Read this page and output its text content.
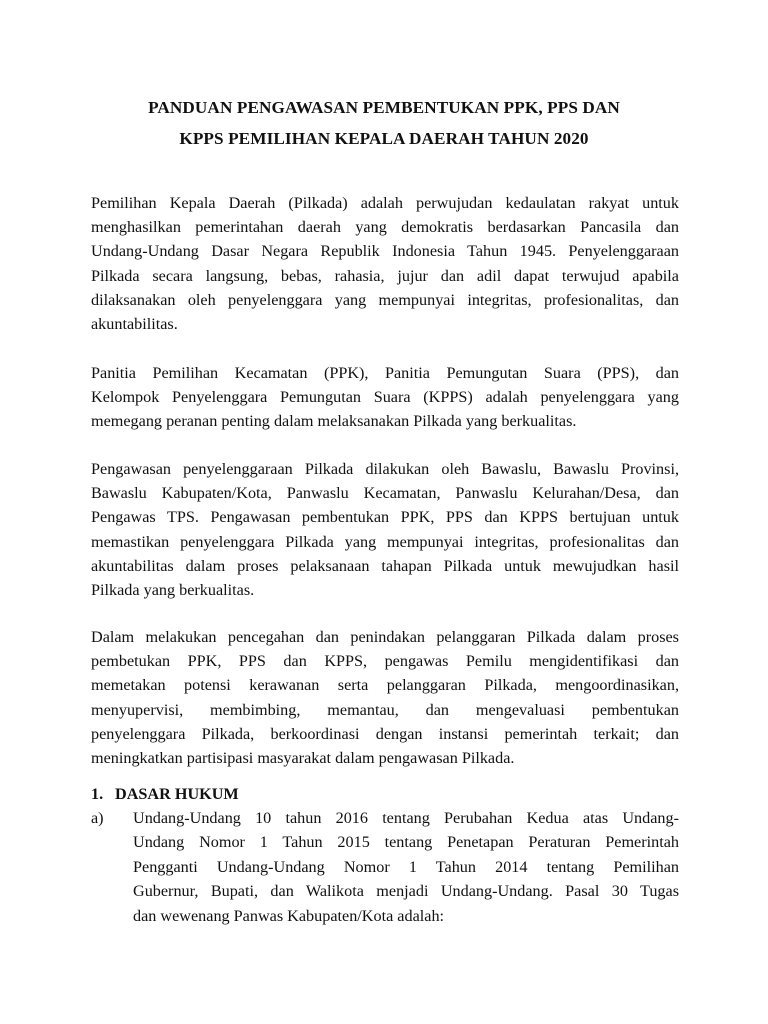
PANDUAN PENGAWASAN PEMBENTUKAN PPK, PPS DAN
KPPS PEMILIHAN KEPALA DAERAH TAHUN 2020
Pemilihan Kepala Daerah (Pilkada) adalah perwujudan kedaulatan rakyat untuk
menghasilkan pemerintahan daerah yang demokratis berdasarkan Pancasila dan
Undang-Undang Dasar Negara Republik Indonesia Tahun 1945. Penyelenggaraan
Pilkada secara langsung, bebas, rahasia, jujur dan adil dapat terwujud apabila
dilaksanakan oleh penyelenggara yang mempunyai integritas, profesionalitas, dan
akuntabilitas.
Panitia Pemilihan Kecamatan (PPK), Panitia Pemungutan Suara (PPS), dan
Kelompok Penyelenggara Pemungutan Suara (KPPS) adalah penyelenggara yang
memegang peranan penting dalam melaksanakan Pilkada yang berkualitas.
Pengawasan penyelenggaraan Pilkada dilakukan oleh Bawaslu, Bawaslu Provinsi,
Bawaslu Kabupaten/Kota, Panwaslu Kecamatan, Panwaslu Kelurahan/Desa, dan
Pengawas TPS. Pengawasan pembentukan PPK, PPS dan KPPS bertujuan untuk
memastikan penyelenggara Pilkada yang mempunyai integritas, profesionalitas dan
akuntabilitas dalam proses pelaksanaan tahapan Pilkada untuk mewujudkan hasil
Pilkada yang berkualitas.
Dalam melakukan pencegahan dan penindakan pelanggaran Pilkada dalam proses
pembetukan PPK, PPS dan KPPS, pengawas Pemilu mengidentifikasi dan
memetakan potensi kerawanan serta pelanggaran Pilkada, mengoordinasikan,
menyupervisi, membimbing, memantau, dan mengevaluasi pembentukan
penyelenggara Pilkada, berkoordinasi dengan instansi pemerintah terkait; dan
meningkatkan partisipasi masyarakat dalam pengawasan Pilkada.
1. DASAR HUKUM
a) Undang-Undang 10 tahun 2016 tentang Perubahan Kedua atas Undang-
Undang Nomor 1 Tahun 2015 tentang Penetapan Peraturan Pemerintah
Pengganti Undang-Undang Nomor 1 Tahun 2014 tentang Pemilihan
Gubernur, Bupati, dan Walikota menjadi Undang-Undang. Pasal 30 Tugas
dan wewenang Panwas Kabupaten/Kota adalah:
